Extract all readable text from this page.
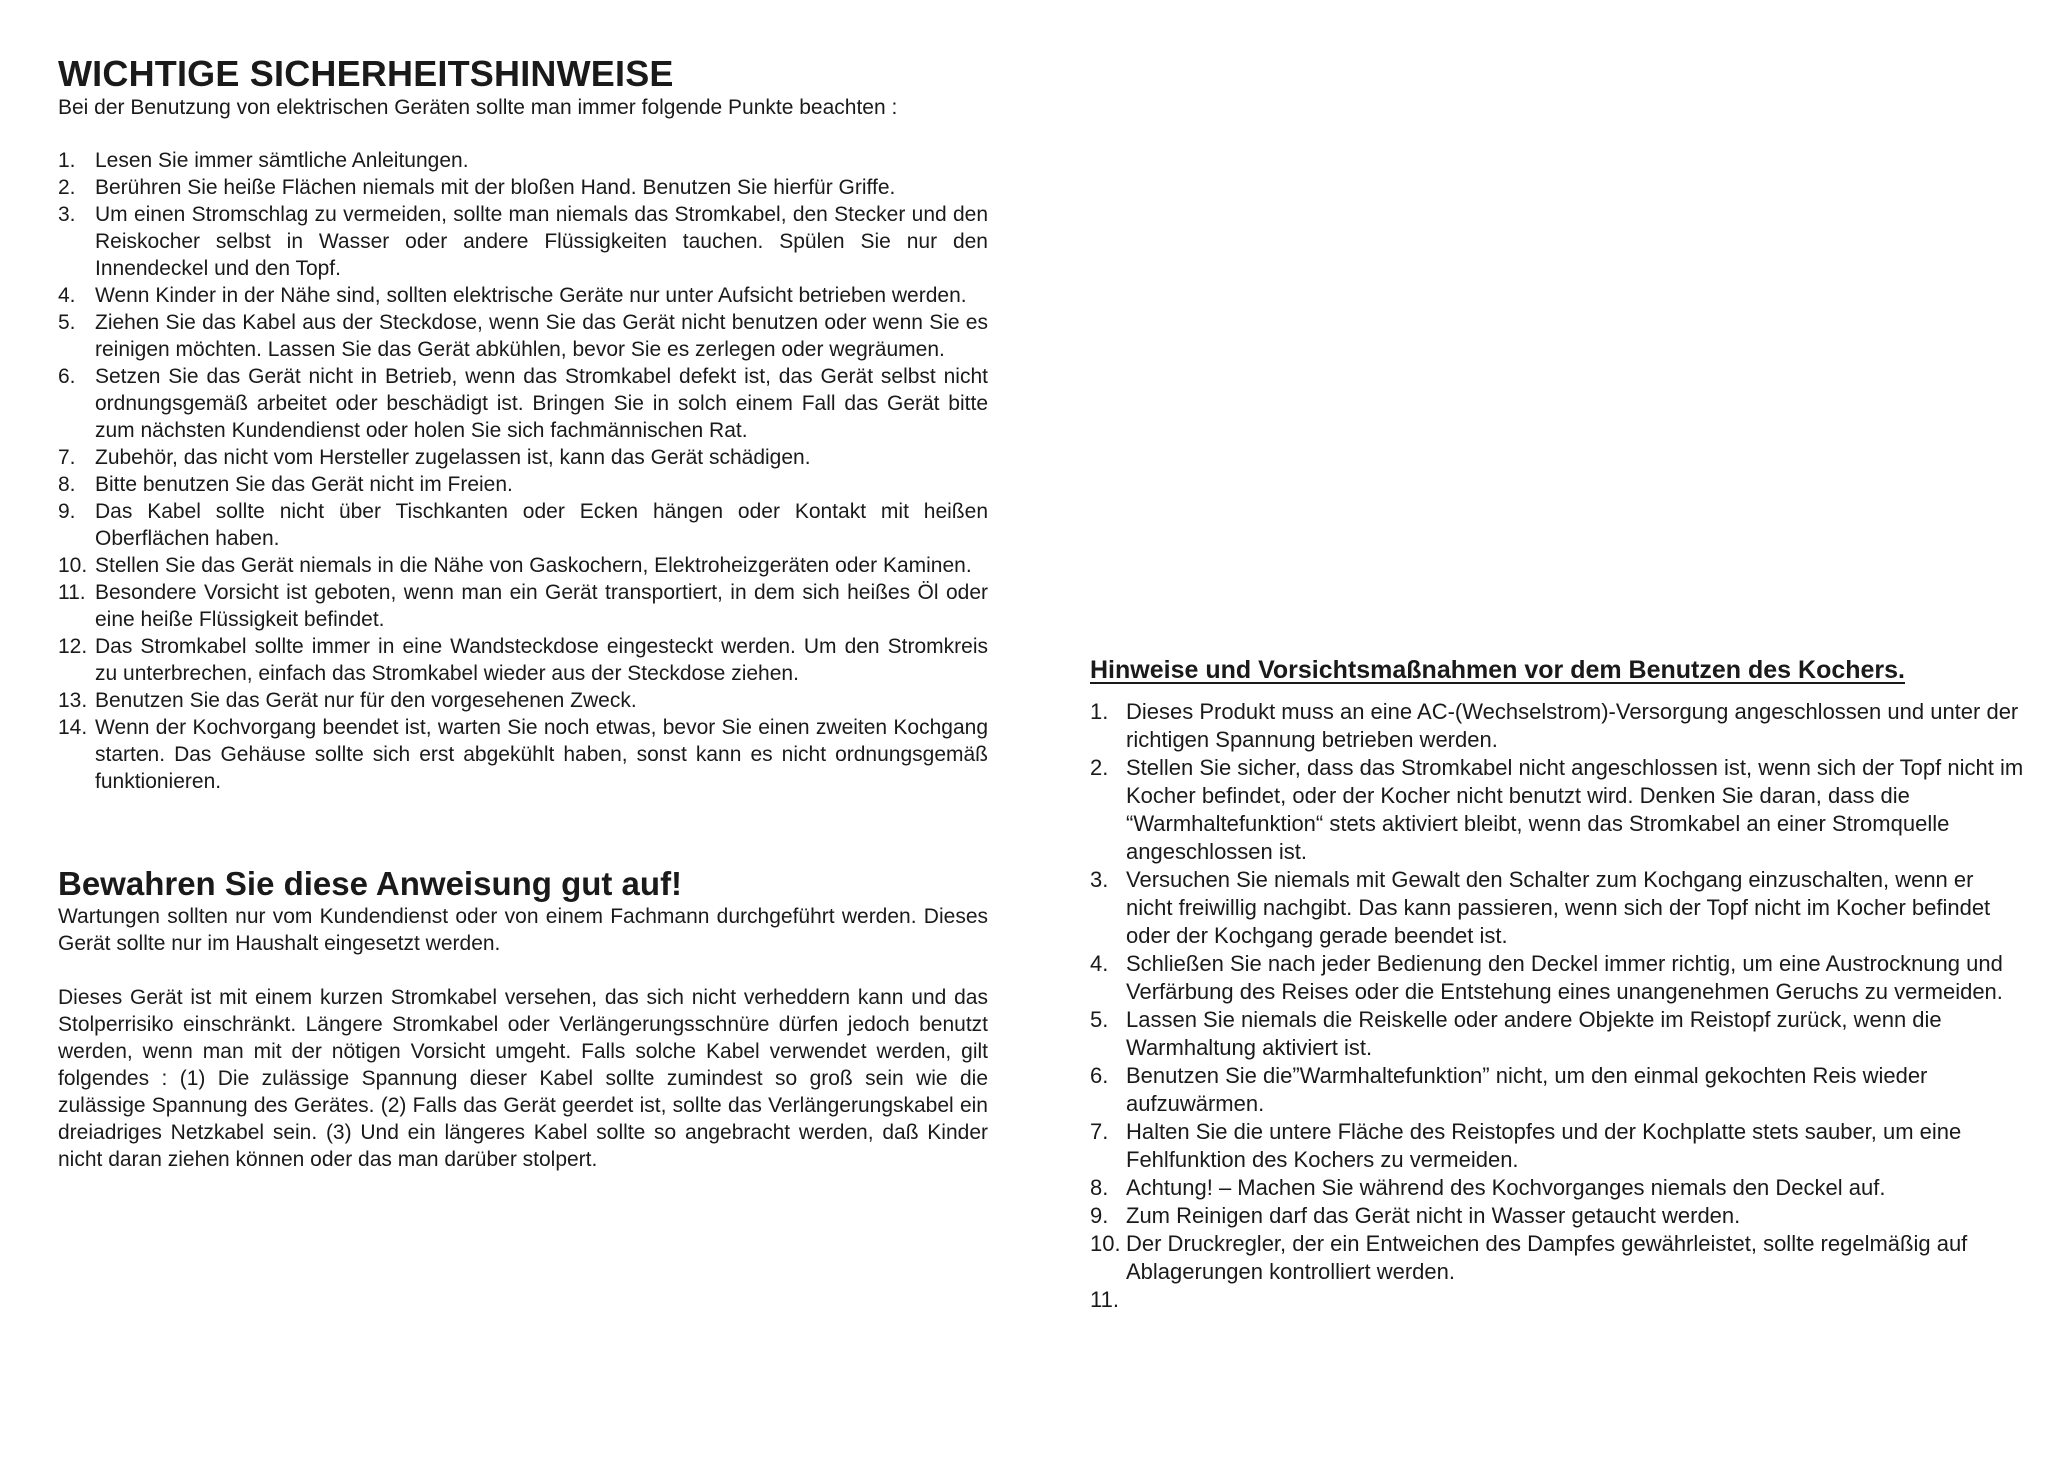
WICHTIGE SICHERHEITSHINWEISE

Bei der Benutzung von elektrischen Geräten sollte man immer folgende Punkte beachten :

1. Lesen Sie immer sämtliche Anleitungen.
2. Berühren Sie heiße Flächen niemals mit der bloßen Hand. Benutzen Sie hierfür Griffe.
3. Um einen Stromschlag zu vermeiden, sollte man niemals das Stromkabel, den Stecker und den Reiskocher selbst in Wasser oder andere Flüssigkeiten tauchen. Spülen Sie nur den Innendeckel und den Topf.
4. Wenn Kinder in der Nähe sind, sollten elektrische Geräte nur unter Aufsicht betrieben werden.
5. Ziehen Sie das Kabel aus der Steckdose, wenn Sie das Gerät nicht benutzen oder wenn Sie es reinigen möchten. Lassen Sie das Gerät abkühlen, bevor Sie es zerlegen oder wegräumen.
6. Setzen Sie das Gerät nicht in Betrieb, wenn das Stromkabel defekt ist, das Gerät selbst nicht ordnungsgemäß arbeitet oder beschädigt ist. Bringen Sie in solch einem Fall das Gerät bitte zum nächsten Kundendienst oder holen Sie sich fachmännischen Rat.
7. Zubehör, das nicht vom Hersteller zugelassen ist, kann das Gerät schädigen.
8. Bitte benutzen Sie das Gerät nicht im Freien.
9. Das Kabel sollte nicht über Tischkanten oder Ecken hängen oder Kontakt mit heißen Oberflächen haben.
10. Stellen Sie das Gerät niemals in die Nähe von Gaskochern, Elektroheizgeräten oder Kaminen.
11. Besondere Vorsicht ist geboten, wenn man ein Gerät transportiert, in dem sich heißes Öl oder eine heiße Flüssigkeit befindet.
12. Das Stromkabel sollte immer in eine Wandsteckdose eingesteckt werden. Um den Stromkreis zu unterbrechen, einfach das Stromkabel wieder aus der Steckdose ziehen.
13. Benutzen Sie das Gerät nur für den vorgesehenen Zweck.
14. Wenn der Kochvorgang beendet ist, warten Sie noch etwas, bevor Sie einen zweiten Kochgang starten. Das Gehäuse sollte sich erst abgekühlt haben, sonst kann es nicht ordnungsgemäß funktionieren.
Bewahren Sie diese Anweisung gut auf!

Wartungen sollten nur vom Kundendienst oder von einem Fachmann durchgeführt werden. Dieses Gerät sollte nur im Haushalt eingesetzt werden.

Dieses Gerät ist mit einem kurzen Stromkabel versehen, das sich nicht verheddern kann und das Stolperrisiko einschränkt. Längere Stromkabel oder Verlängerungsschnüre dürfen jedoch benutzt werden, wenn man mit der nötigen Vorsicht umgeht. Falls solche Kabel verwendet werden, gilt folgendes : (1) Die zulässige Spannung dieser Kabel sollte zumindest so groß sein wie die zulässige Spannung des Gerätes. (2) Falls das Gerät geerdet ist, sollte das Verlängerungskabel ein dreiadriges Netzkabel sein. (3) Und ein längeres Kabel sollte so angebracht werden, daß Kinder nicht daran ziehen können oder das man darüber stolpert.

Hinweise und Vorsichtsmaßnahmen vor dem Benutzen des Kochers.
1. Dieses Produkt muss an eine AC-(Wechselstrom)-Versorgung angeschlossen und unter der richtigen Spannung betrieben werden.
2. Stellen Sie sicher, dass das Stromkabel nicht angeschlossen ist, wenn sich der Topf nicht im Kocher befindet, oder der Kocher nicht benutzt wird. Denken Sie daran, dass die “Warmhaltefunktion“ stets aktiviert bleibt, wenn das Stromkabel an einer Stromquelle angeschlossen ist.
3. Versuchen Sie niemals mit Gewalt den Schalter zum Kochgang einzuschalten, wenn er nicht freiwillig nachgibt. Das kann passieren, wenn sich der Topf nicht im Kocher befindet oder der Kochgang gerade beendet ist.
4. Schließen Sie nach jeder Bedienung den Deckel immer richtig, um eine Austrocknung und Verfärbung des Reises oder die Entstehung eines unangenehmen Geruchs zu vermeiden.
5. Lassen Sie niemals die Reiskelle oder andere Objekte im Reistopf zurück, wenn die Warmhaltung aktiviert ist.
6. Benutzen Sie die”Warmhaltefunktion” nicht, um den einmal gekochten Reis wieder aufzuwärmen.
7. Halten Sie die untere Fläche des Reistopfes und der Kochplatte stets sauber, um eine Fehlfunktion des Kochers zu vermeiden.
8. Achtung! – Machen Sie während des Kochvorganges niemals den Deckel auf.
9. Zum Reinigen darf das Gerät nicht in Wasser getaucht werden.
10. Der Druckregler, der ein Entweichen des Dampfes gewährleistet, sollte regelmäßig auf Ablagerungen kontrolliert werden.
11.
